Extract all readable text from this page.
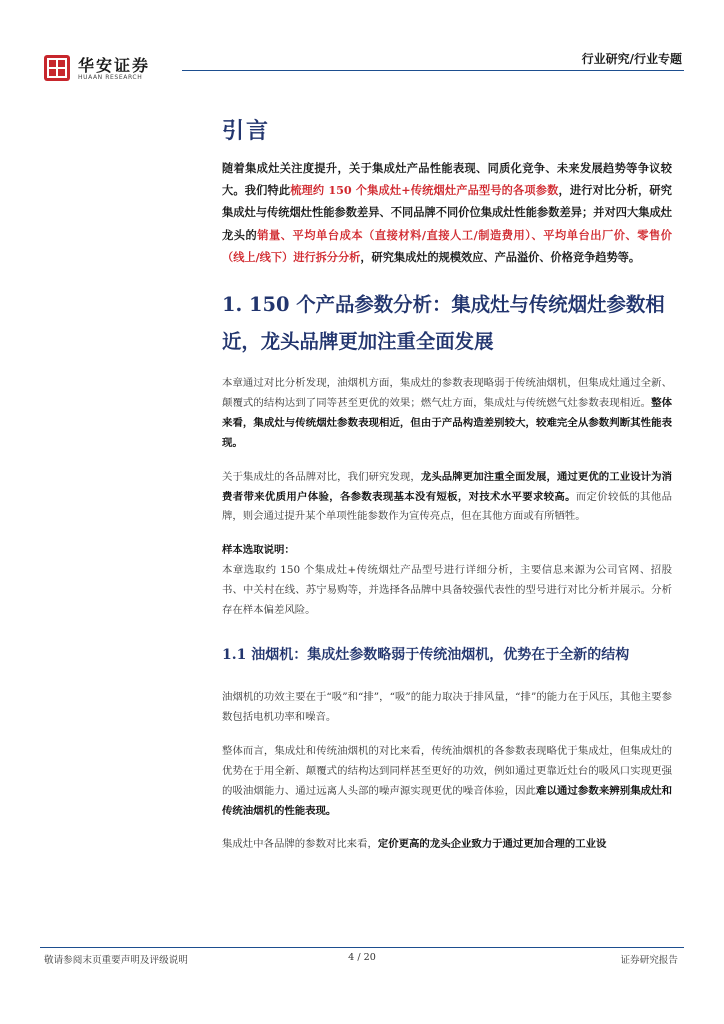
华安证券
HUAAN RESEARCH
行业研究/行业专题
引言

随着集成灶关注度提升，关于集成灶产品性能表现、同质化竞争、未来发展趋势等争议较大。我们特此梳理约 150 个集成灶+传统烟灶产品型号的各项参数，进行对比分析，研究集成灶与传统烟灶性能参数差异、不同品牌不同价位集成灶性能参数差异；并对四大集成灶龙头的销量、平均单台成本（直接材料/直接人工/制造费用）、平均单台出厂价、零售价（线上/线下）进行拆分分析，研究集成灶的规模效应、产品溢价、价格竞争趋势等。

1. 150 个产品参数分析：集成灶与传统烟灶参数相近，龙头品牌更加注重全面发展

本章通过对比分析发现，油烟机方面，集成灶的参数表现略弱于传统油烟机，但集成灶通过全新、颠覆式的结构达到了同等甚至更优的效果；燃气灶方面，集成灶与传统燃气灶参数表现相近。整体来看，集成灶与传统烟灶参数表现相近，但由于产品构造差别较大，较难完全从参数判断其性能表现。

关于集成灶的各品牌对比，我们研究发现，龙头品牌更加注重全面发展，通过更优的工业设计为消费者带来优质用户体验，各参数表现基本没有短板，对技术水平要求较高。而定价较低的其他品牌，则会通过提升某个单项性能参数作为宣传亮点，但在其他方面或有所牺牲。

样本选取说明：
本章选取约 150 个集成灶+传统烟灶产品型号进行详细分析，主要信息来源为公司官网、招股书、中关村在线、苏宁易购等，并选择各品牌中具备较强代表性的型号进行对比分析并展示。分析存在样本偏差风险。

1.1 油烟机：集成灶参数略弱于传统油烟机，优势在于全新的结构

油烟机的功效主要在于“吸”和“排”，“吸”的能力取决于排风量，“排”的能力在于风压，其他主要参数包括电机功率和噪音。

整体而言，集成灶和传统油烟机的对比来看，传统油烟机的各参数表现略优于集成灶，但集成灶的优势在于用全新、颠覆式的结构达到同样甚至更好的功效，例如通过更靠近灶台的吸风口实现更强的吸油烟能力、通过远离人头部的噪声源实现更优的噪音体验，因此难以通过参数来辨别集成灶和传统油烟机的性能表现。

集成灶中各品牌的参数对比来看，定价更高的龙头企业致力于通过更加合理的工业设

敬请参阅末页重要声明及评级说明	4 / 20	证券研究报告
